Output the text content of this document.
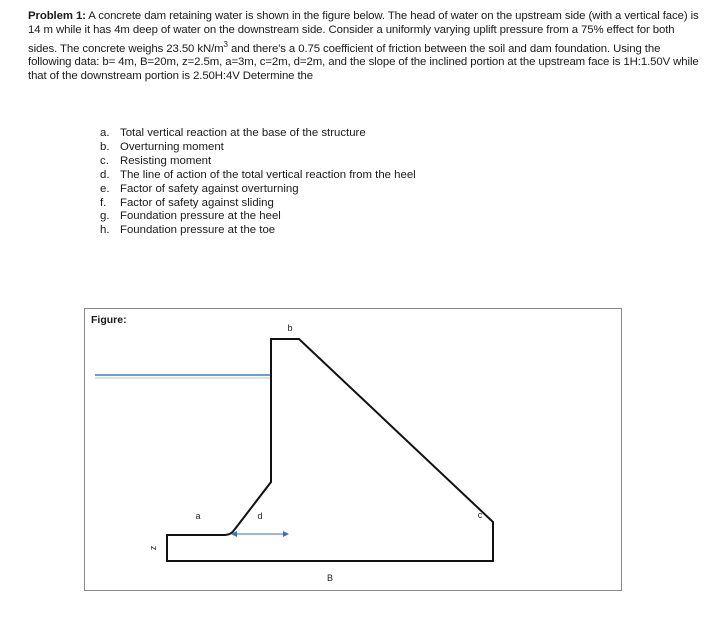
Problem 1: A concrete dam retaining water is shown in the figure below. The head of water on the upstream side (with a vertical face) is 14 m while it has 4m deep of water on the downstream side. Consider a uniformly varying uplift pressure from a 75% effect for both sides. The concrete weighs 23.50 $kN/m^3$ and there's a 0.75 coefficient of friction between the soil and dam foundation. Using the following data: b= 4m, B=20m, z=2.5m, a=3m, c=2m, d=2m, and the slope of the inclined portion at the upstream face is 1H:1.50V while that of the downstream portion is 2.50H:4V Determine the
a. Total vertical reaction at the base of the structure
b. Overturning moment
c. Resisting moment
d. The line of action of the total vertical reaction from the heel
e. Factor of safety against overturning
f.	Factor of safety against sliding
g. Foundation pressure at the heel
h. Foundation pressure at the toe
Figure:
b
a	d	c
z
B
